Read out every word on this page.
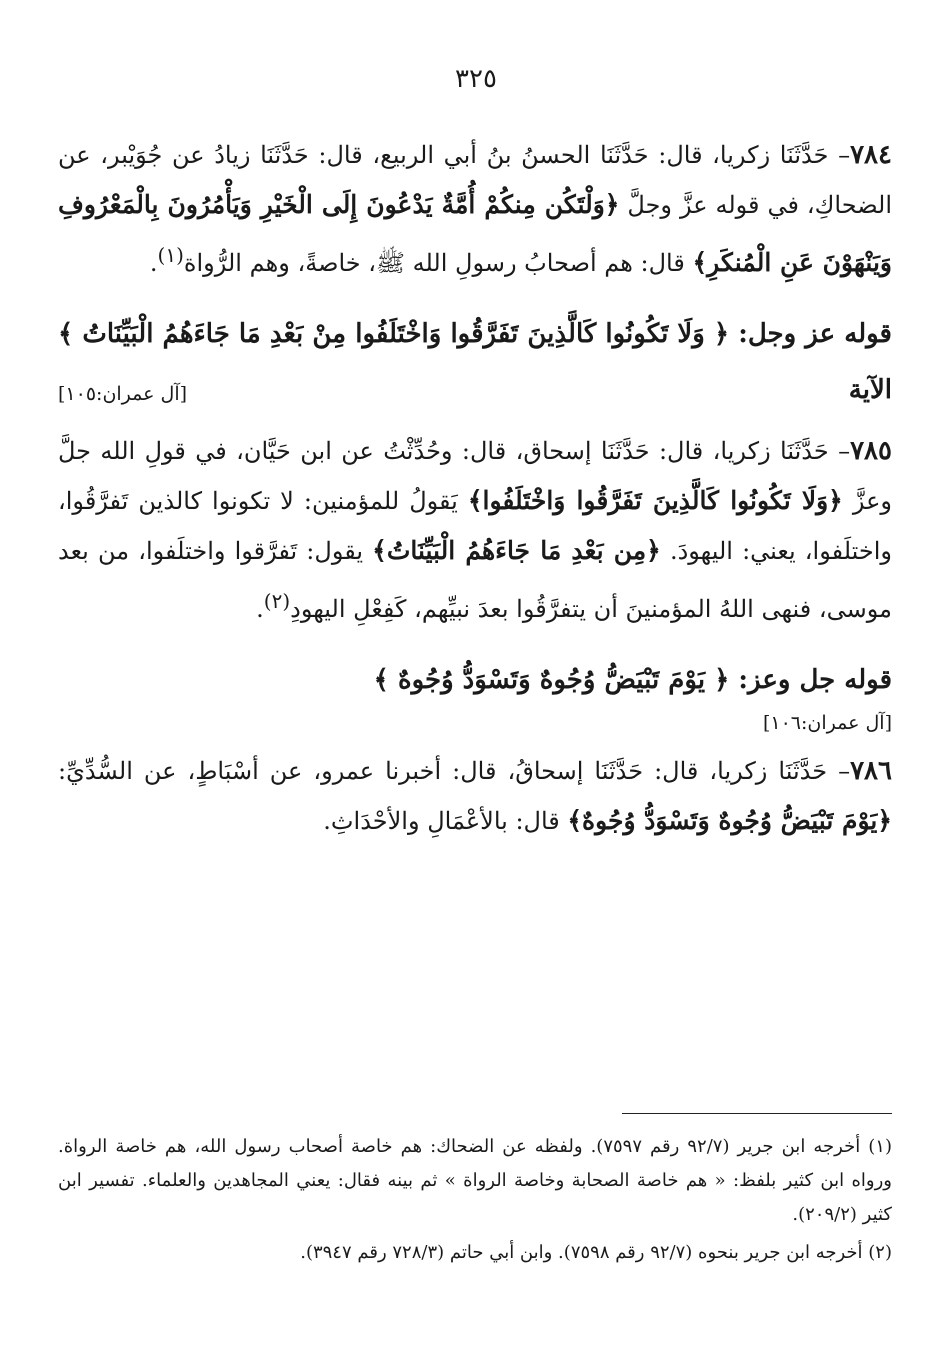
٣٢٥

٧٨٤– حَدَّثَنَا زكريا، قال: حَدَّثَنَا الحسنُ بنُ أبي الربيع، قال: حَدَّثَنَا زيادُ عن جُوَيْبر، عن الضحاكِ، في قوله عزَّ وجلَّ ﴿وَلْتَكُن مِنكُمْ أُمَّةٌ يَدْعُونَ إِلَى الْخَيْرِ وَيَأْمُرُونَ بِالْمَعْرُوفِ وَيَنْهَوْنَ عَنِ الْمُنكَرِ﴾ قال: هم أصحابُ رسولِ الله ﷺ، خاصةً، وهم الرُّواة$^{(١)}$.

قوله عز وجل: ﴿ وَلَا تَكُونُوا كَالَّذِينَ تَفَرَّقُوا وَاخْتَلَفُوا مِنْ بَعْدِ مَا جَاءَهُمُ الْبَيِّنَاتُ ﴾ الآية
[آل عمران:١٠٥]

٧٨٥– حَدَّثَنَا زكريا، قال: حَدَّثَنَا إسحاق، قال: وحُدِّثْتُ عن ابن حَيَّان، في قولِ الله جلَّ وعزَّ ﴿وَلَا تَكُونُوا كَالَّذِينَ تَفَرَّقُوا وَاخْتَلَفُوا﴾ يَقولُ للمؤمنين: لا تكونوا كالذين تَفرَّقُوا، واختلَفوا، يعني: اليهودَ. ﴿مِن بَعْدِ مَا جَاءَهُمُ الْبَيِّنَاتُ﴾ يقول: تَفرَّقوا واختلَفوا، من بعد موسى، فنهى اللهُ المؤمنينَ أن يتفرَّقُوا بعدَ نبيِّهم، كَفِعْلِ اليهودِ$^{(٢)}$.

قوله جل وعز: ﴿ يَوْمَ تَبْيَضُّ وُجُوهٌ وَتَسْوَدُّ وُجُوهٌ ﴾

[آل عمران:١٠٦]

٧٨٦– حَدَّثَنَا زكريا، قال: حَدَّثَنَا إسحاقُ، قال: أخبرنا عمرو، عن أسْبَاطٍ، عن السُّدِّيِّ: ﴿يَوْمَ تَبْيَضُّ وُجُوهٌ وَتَسْوَدُّ وُجُوهٌ﴾ قال: بالأعْمَالِ والأحْدَاثِ.

(١) أخرجه ابن جرير (٩٢/٧ رقم ٧٥٩٧). ولفظه عن الضحاك: هم خاصة أصحاب رسول الله، هم خاصة الرواة. ورواه ابن كثير بلفظ: « هم خاصة الصحابة وخاصة الرواة » ثم بينه فقال: يعني المجاهدين والعلماء. تفسير ابن كثير (٢٠٩/٢).

(٢) أخرجه ابن جرير بنحوه (٩٢/٧ رقم ٧٥٩٨). وابن أبي حاتم (٧٢٨/٣ رقم ٣٩٤٧).
